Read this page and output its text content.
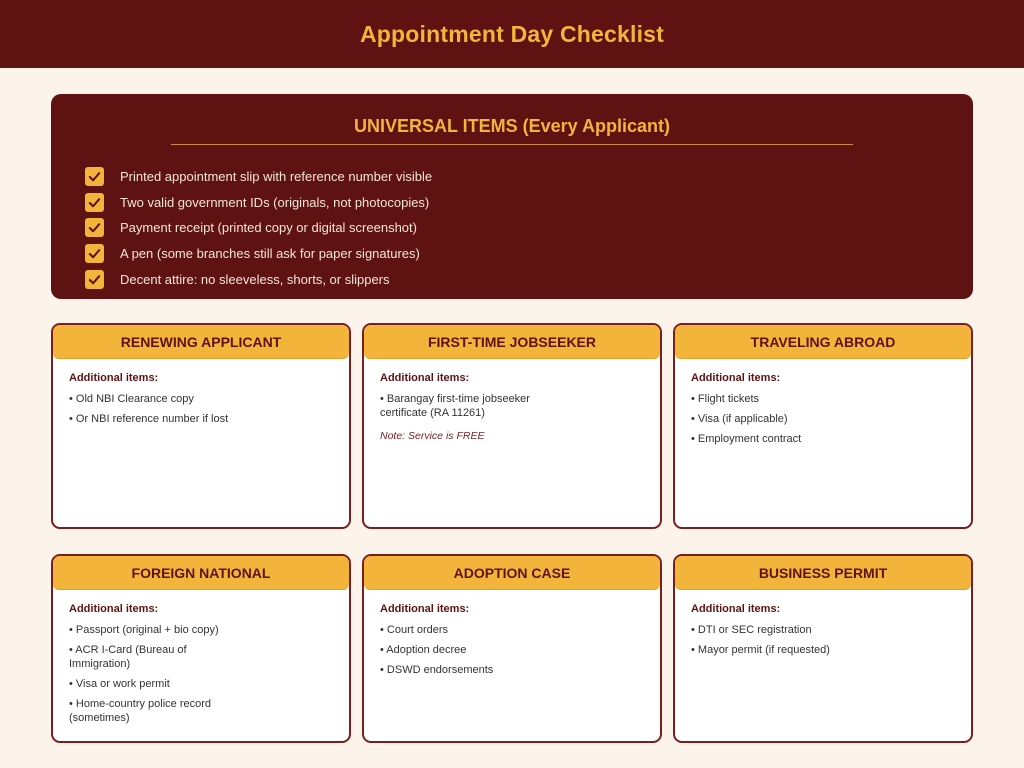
Appointment Day Checklist
UNIVERSAL ITEMS (Every Applicant)
Printed appointment slip with reference number visible
Two valid government IDs (originals, not photocopies)
Payment receipt (printed copy or digital screenshot)
A pen (some branches still ask for paper signatures)
Decent attire: no sleeveless, shorts, or slippers
RENEWING APPLICANT
Additional items:
• Old NBI Clearance copy
• Or NBI reference number if lost
FIRST-TIME JOBSEEKER
Additional items:
• Barangay first-time jobseeker certificate (RA 11261)
Note: Service is FREE
TRAVELING ABROAD
Additional items:
• Flight tickets
• Visa (if applicable)
• Employment contract
FOREIGN NATIONAL
Additional items:
• Passport (original + bio copy)
• ACR I-Card (Bureau of Immigration)
• Visa or work permit
• Home-country police record (sometimes)
ADOPTION CASE
Additional items:
• Court orders
• Adoption decree
• DSWD endorsements
BUSINESS PERMIT
Additional items:
• DTI or SEC registration
• Mayor permit (if requested)
